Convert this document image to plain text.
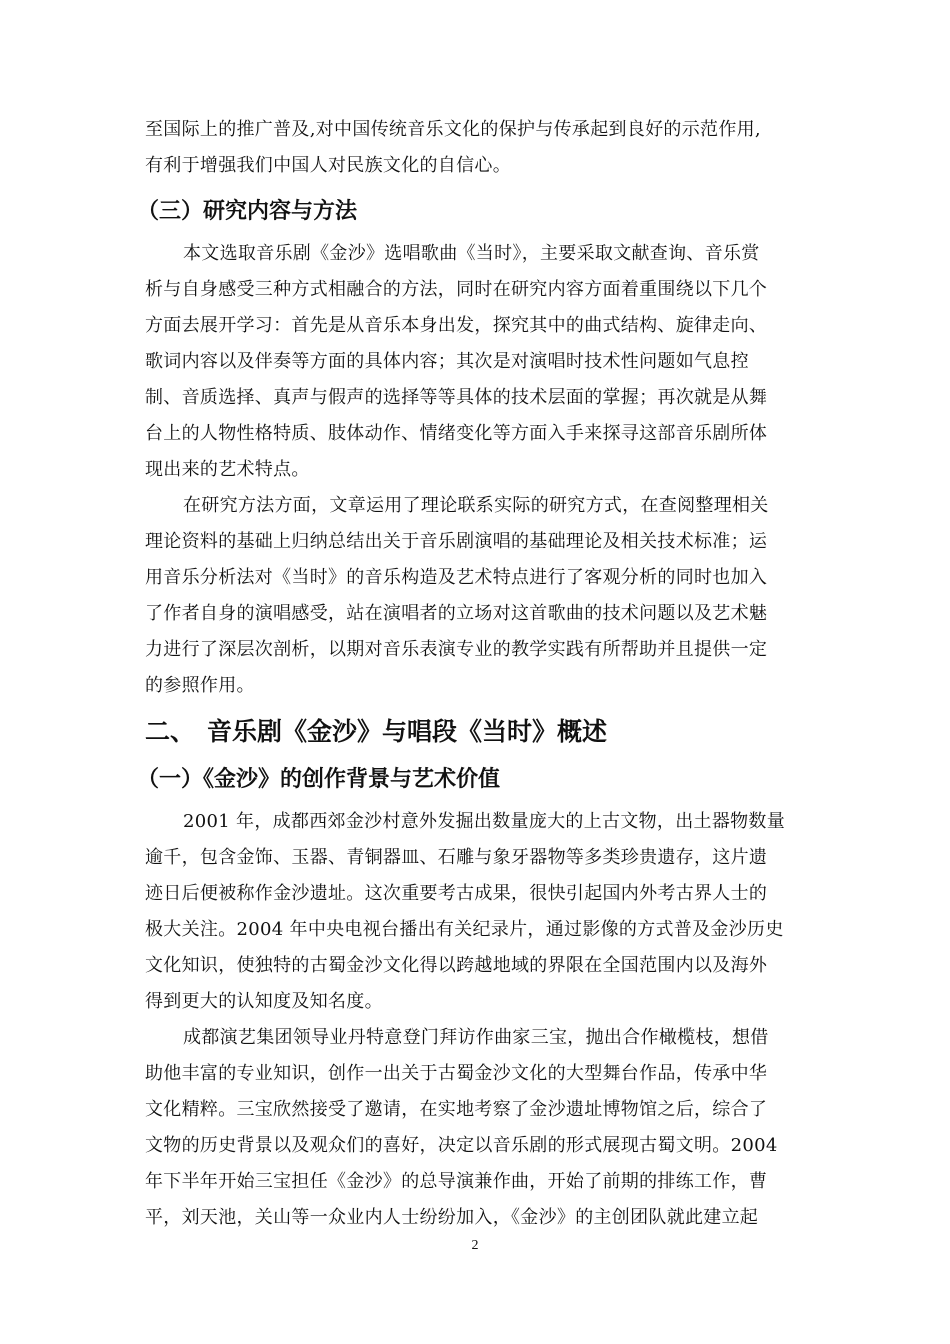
至国际上的推广普及,对中国传统音乐文化的保护与传承起到良好的示范作用,
有利于增强我们中国人对民族文化的自信心。
（三）研究内容与方法
本文选取音乐剧《金沙》选唱歌曲《当时》，主要采取文献查询、音乐赏
析与自身感受三种方式相融合的方法，同时在研究内容方面着重围绕以下几个
方面去展开学习：首先是从音乐本身出发，探究其中的曲式结构、旋律走向、
歌词内容以及伴奏等方面的具体内容；其次是对演唱时技术性问题如气息控
制、音质选择、真声与假声的选择等等具体的技术层面的掌握；再次就是从舞
台上的人物性格特质、肢体动作、情绪变化等方面入手来探寻这部音乐剧所体
现出来的艺术特点。
在研究方法方面，文章运用了理论联系实际的研究方式，在查阅整理相关
理论资料的基础上归纳总结出关于音乐剧演唱的基础理论及相关技术标准；运
用音乐分析法对《当时》的音乐构造及艺术特点进行了客观分析的同时也加入
了作者自身的演唱感受，站在演唱者的立场对这首歌曲的技术问题以及艺术魅
力进行了深层次剖析，以期对音乐表演专业的教学实践有所帮助并且提供一定
的参照作用。
二、 音乐剧《金沙》与唱段《当时》概述
（一）《金沙》的创作背景与艺术价值
2001 年，成都西郊金沙村意外发掘出数量庞大的上古文物，出土器物数量
逾千，包含金饰、玉器、青铜器皿、石雕与象牙器物等多类珍贵遗存，这片遗
迹日后便被称作金沙遗址。这次重要考古成果，很快引起国内外考古界人士的
极大关注。2004 年中央电视台播出有关纪录片，通过影像的方式普及金沙历史
文化知识，使独特的古蜀金沙文化得以跨越地域的界限在全国范围内以及海外
得到更大的认知度及知名度。
成都演艺集团领导业丹特意登门拜访作曲家三宝，抛出合作橄榄枝，想借
助他丰富的专业知识，创作一出关于古蜀金沙文化的大型舞台作品，传承中华
文化精粹。三宝欣然接受了邀请，在实地考察了金沙遗址博物馆之后，综合了
文物的历史背景以及观众们的喜好，决定以音乐剧的形式展现古蜀文明。2004
年下半年开始三宝担任《金沙》的总导演兼作曲，开始了前期的排练工作，曹
平，刘天池，关山等一众业内人士纷纷加入，《金沙》的主创团队就此建立起
2
